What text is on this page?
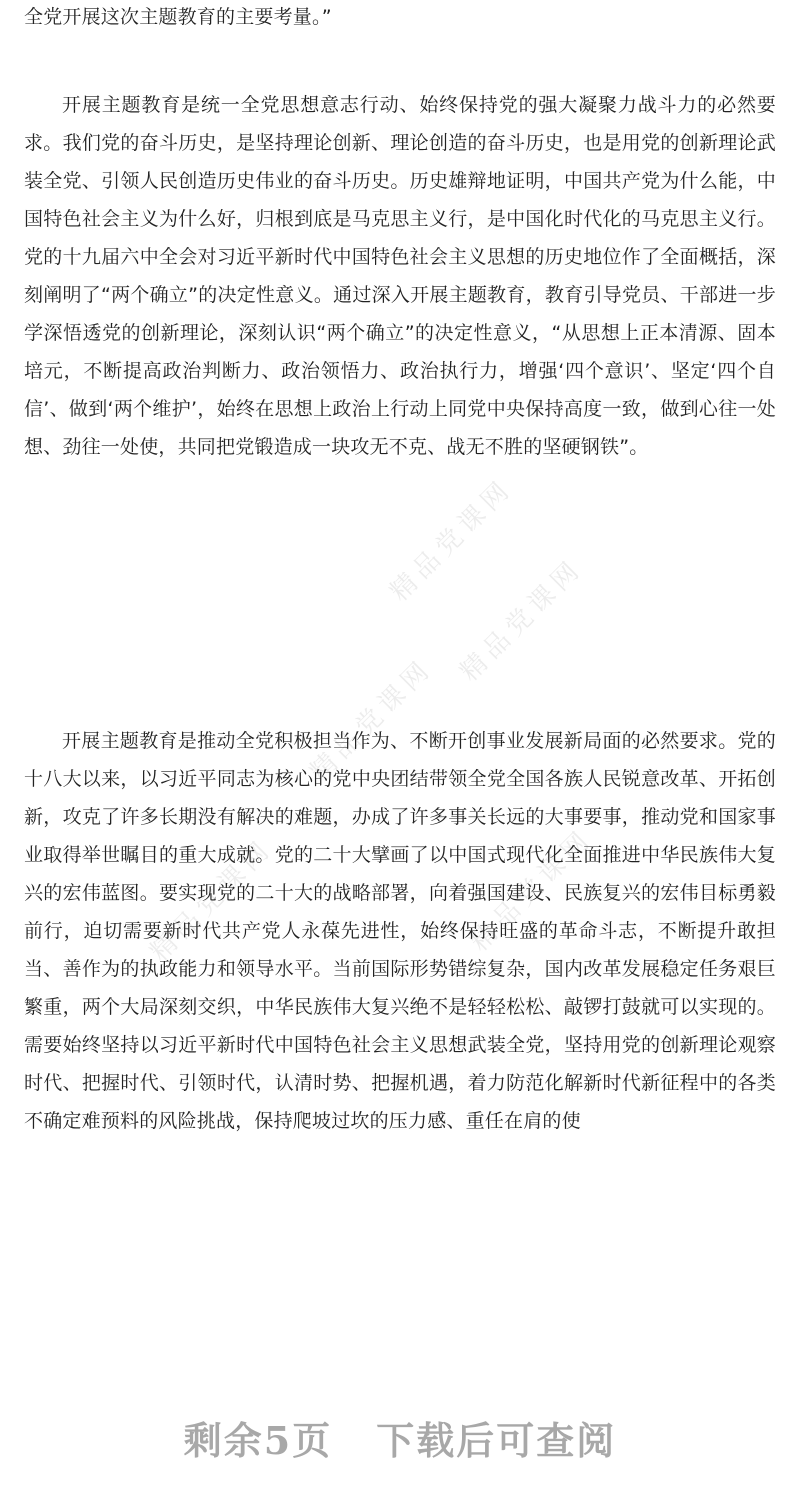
精品党课网
精品党课网
精品党课网
精品党课网	精品党课网
全党开展这次主题教育的主要考量。”
开展主题教育是统一全党思想意志行动、始终保持党的强大凝聚力战斗力的必然要求。我们党的奋斗历史，是坚持理论创新、理论创造的奋斗历史，也是用党的创新理论武装全党、引领人民创造历史伟业的奋斗历史。历史雄辩地证明，中国共产党为什么能，中国特色社会主义为什么好，归根到底是马克思主义行，是中国化时代化的马克思主义行。党的十九届六中全会对习近平新时代中国特色社会主义思想的历史地位作了全面概括，深刻阐明了“两个确立”的决定性意义。通过深入开展主题教育，教育引导党员、干部进一步学深悟透党的创新理论，深刻认识“两个确立”的决定性意义，“从思想上正本清源、固本培元，不断提高政治判断力、政治领悟力、政治执行力，增强‘四个意识’、坚定‘四个自信’、做到‘两个维护’，始终在思想上政治上行动上同党中央保持高度一致，做到心往一处想、劲往一处使，共同把党锻造成一块攻无不克、战无不胜的坚硬钢铁”。
开展主题教育是推动全党积极担当作为、不断开创事业发展新局面的必然要求。党的十八大以来，以习近平同志为核心的党中央团结带领全党全国各族人民锐意改革、开拓创新，攻克了许多长期没有解决的难题，办成了许多事关长远的大事要事，推动党和国家事业取得举世瞩目的重大成就。党的二十大擘画了以中国式现代化全面推进中华民族伟大复兴的宏伟蓝图。要实现党的二十大的战略部署，向着强国建设、民族复兴的宏伟目标勇毅前行，迫切需要新时代共产党人永葆先进性，始终保持旺盛的革命斗志，不断提升敢担当、善作为的执政能力和领导水平。当前国际形势错综复杂，国内改革发展稳定任务艰巨繁重，两个大局深刻交织，中华民族伟大复兴绝不是轻轻松松、敲锣打鼓就可以实现的。需要始终坚持以习近平新时代中国特色社会主义思想武装全党，坚持用党的创新理论观察时代、把握时代、引领时代，认清时势、把握机遇，着力防范化解新时代新征程中的各类不确定难预料的风险挑战，保持爬坡过坎的压力感、重任在肩的使
剩余5页 下载后可查阅
